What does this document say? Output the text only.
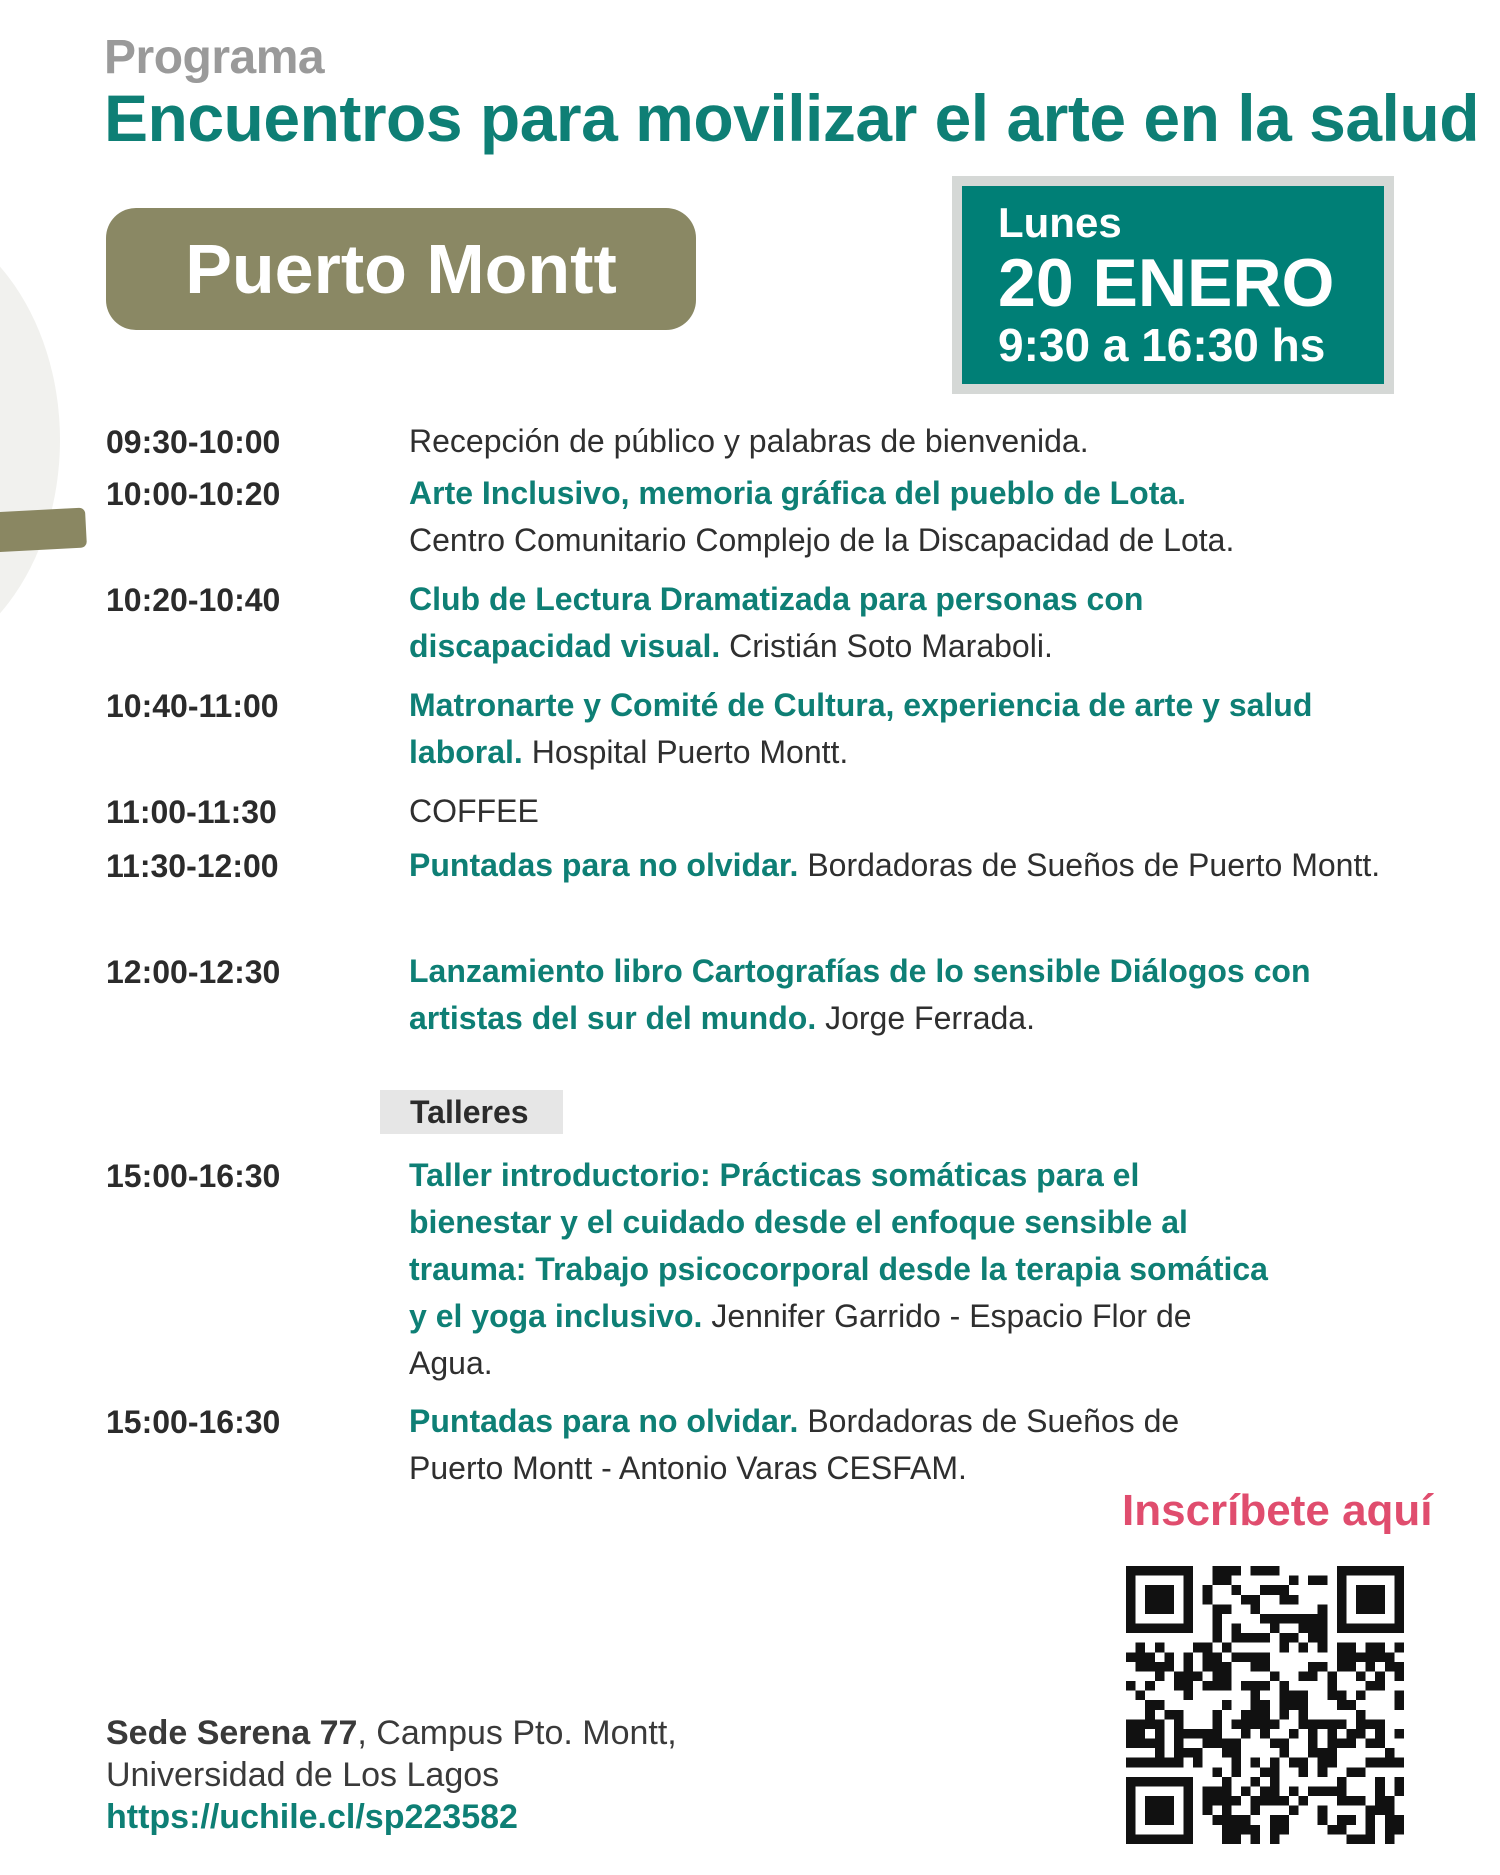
Programa
Encuentros para movilizar el arte en la salud
Puerto Montt
Lunes
20 ENERO
9:30 a 16:30 hs
09:30-10:00	Recepción de público y palabras de bienvenida.
10:00-10:20	Arte Inclusivo, memoria gráfica del pueblo de Lota.
Centro Comunitario Complejo de la Discapacidad de Lota.
10:20-10:40	Club de Lectura Dramatizada para personas con discapacidad visual. Cristián Soto Maraboli.
10:40-11:00	Matronarte y Comité de Cultura, experiencia de arte y salud laboral. Hospital Puerto Montt.
11:00-11:30	COFFEE
11:30-12:00	Puntadas para no olvidar. Bordadoras de Sueños de Puerto Montt.
12:00-12:30	Lanzamiento libro Cartografías de lo sensible Diálogos con artistas del sur del mundo. Jorge Ferrada.
Talleres
15:00-16:30	Taller introductorio: Prácticas somáticas para el bienestar y el cuidado desde el enfoque sensible al trauma: Trabajo psicocorporal desde la terapia somática y el yoga inclusivo. Jennifer Garrido - Espacio Flor de Agua.
15:00-16:30	Puntadas para no olvidar. Bordadoras de Sueños de Puerto Montt - Antonio Varas CESFAM.
Inscríbete aquí
Sede Serena 77, Campus Pto. Montt,
Universidad de Los Lagos
https://uchile.cl/sp223582
